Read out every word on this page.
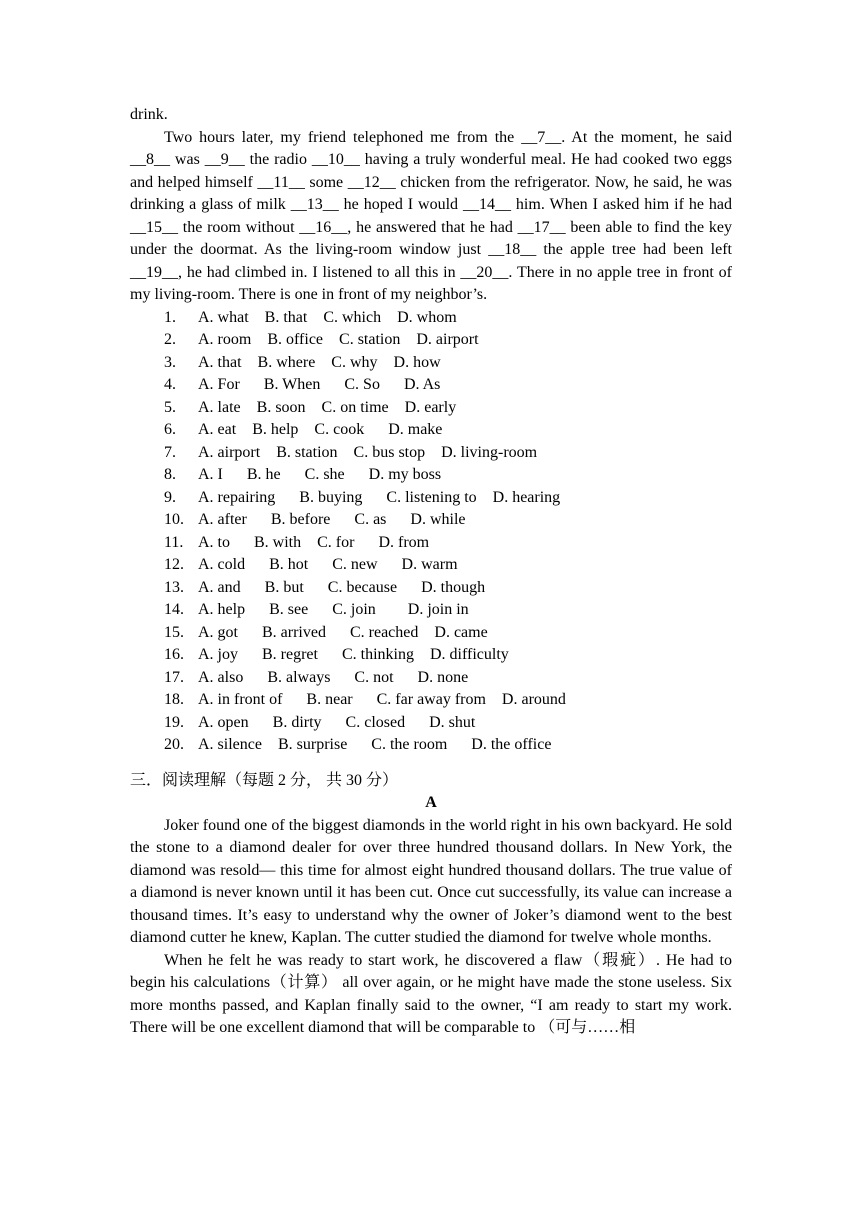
drink.

Two hours later, my friend telephoned me from the __7__. At the moment, he said __8__ was __9__ the radio __10__ having a truly wonderful meal. He had cooked two eggs and helped himself __11__ some __12__ chicken from the refrigerator. Now, he said, he was drinking a glass of milk __13__ he hoped I would __14__ him. When I asked him if he had __15__ the room without __16__, he answered that he had __17__ been able to find the key under the doormat. As the living-room window just __18__ the apple tree had been left __19__, he had climbed in. I listened to all this in __20__. There in no apple tree in front of my living-room. There is one in front of my neighbor’s.

1.	A. what    B. that    C. which    D. whom
2.	A. room    B. office    C. station    D. airport
3.	A. that    B. where    C. why    D. how
4.	A. For      B. When      C. So      D. As
5.	A. late    B. soon    C. on time    D. early
6.	A. eat    B. help    C. cook      D. make
7.	A. airport    B. station    C. bus stop    D. living-room
8.	A. I      B. he      C. she      D. my boss
9.	A. repairing      B. buying      C. listening to    D. hearing
10. A. after      B. before      C. as      D. while
11. A. to      B. with    C. for      D. from
12. A. cold      B. hot      C. new      D. warm
13. A. and      B. but      C. because      D. though
14. A. help      B. see      C. join        D. join in
15. A. got      B. arrived      C. reached    D. came
16. A. joy      B. regret      C. thinking    D. difficulty
17. A. also      B. always      C. not      D. none
18. A. in front of      B. near      C. far away from    D. around
19. A. open      B. dirty      C. closed      D. shut
20. A. silence    B. surprise      C. the room      D. the office

三．阅读理解（每题 2 分， 共 30 分）

A

Joker found one of the biggest diamonds in the world right in his own backyard. He sold the stone to a diamond dealer for over three hundred thousand dollars. In New York, the diamond was resold— this time for almost eight hundred thousand dollars. The true value of a diamond is never known until it has been cut. Once cut successfully, its value can increase a thousand times. It’s easy to understand why the owner of Joker’s diamond went to the best diamond cutter he knew, Kaplan. The cutter studied the diamond for twelve whole months.

When he felt he was ready to start work, he discovered a flaw（瑕疵）. He had to begin his calculations（计算） all over again, or he might have made the stone useless. Six more months passed, and Kaplan finally said to the owner, “I am ready to start my work. There will be one excellent diamond that will be comparable to （可与……相
